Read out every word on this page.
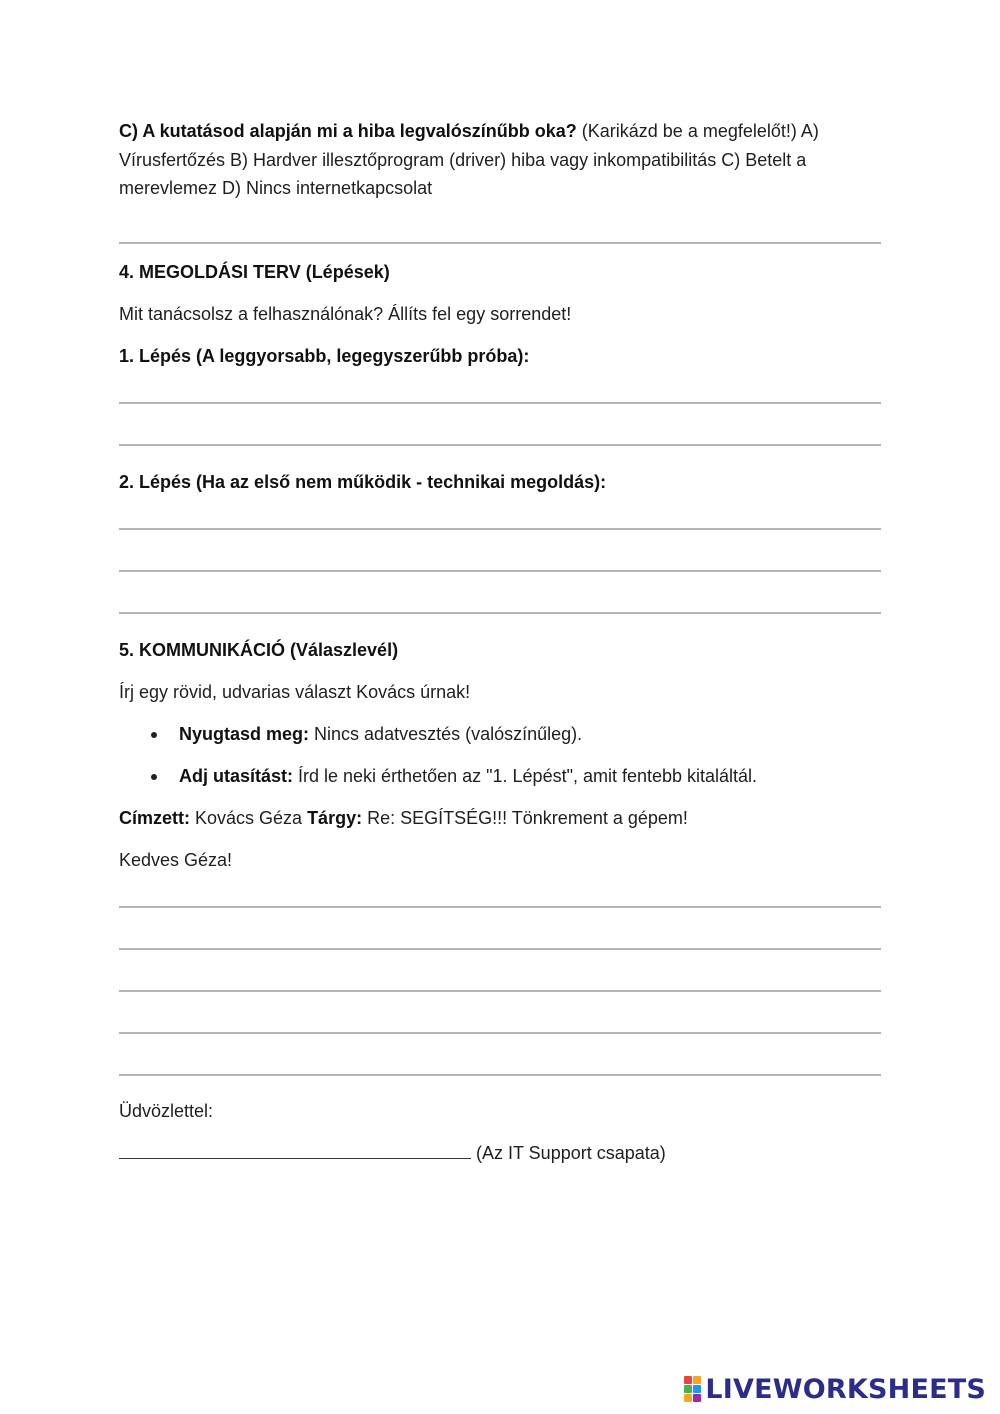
C) A kutatásod alapján mi a hiba legvalószínűbb oka? (Karikázd be a megfelelőt!) A) Vírusfertőzés B) Hardver illesztőprogram (driver) hiba vagy inkompatibilitás C) Betelt a merevlemez D) Nincs internetkapcsolat

4. MEGOLDÁSI TERV (Lépések)

Mit tanácsolsz a felhasználónak? Állíts fel egy sorrendet!

1. Lépés (A leggyorsabb, legegyszerűbb próba):

2. Lépés (Ha az első nem működik - technikai megoldás):

5. KOMMUNIKÁCIÓ (Válaszlevél)

Írj egy rövid, udvarias választ Kovács úrnak!

Nyugtasd meg: Nincs adatvesztés (valószínűleg).
Adj utasítást: Írd le neki érthetően az "1. Lépést", amit fentebb kitaláltál.

Címzett: Kovács Géza Tárgy: Re: SEGÍTSÉG!!! Tönkrement a gépem!

Kedves Géza!

Üdvözlettel:

(Az IT Support csapata)

LIVEWORKSHEETS
